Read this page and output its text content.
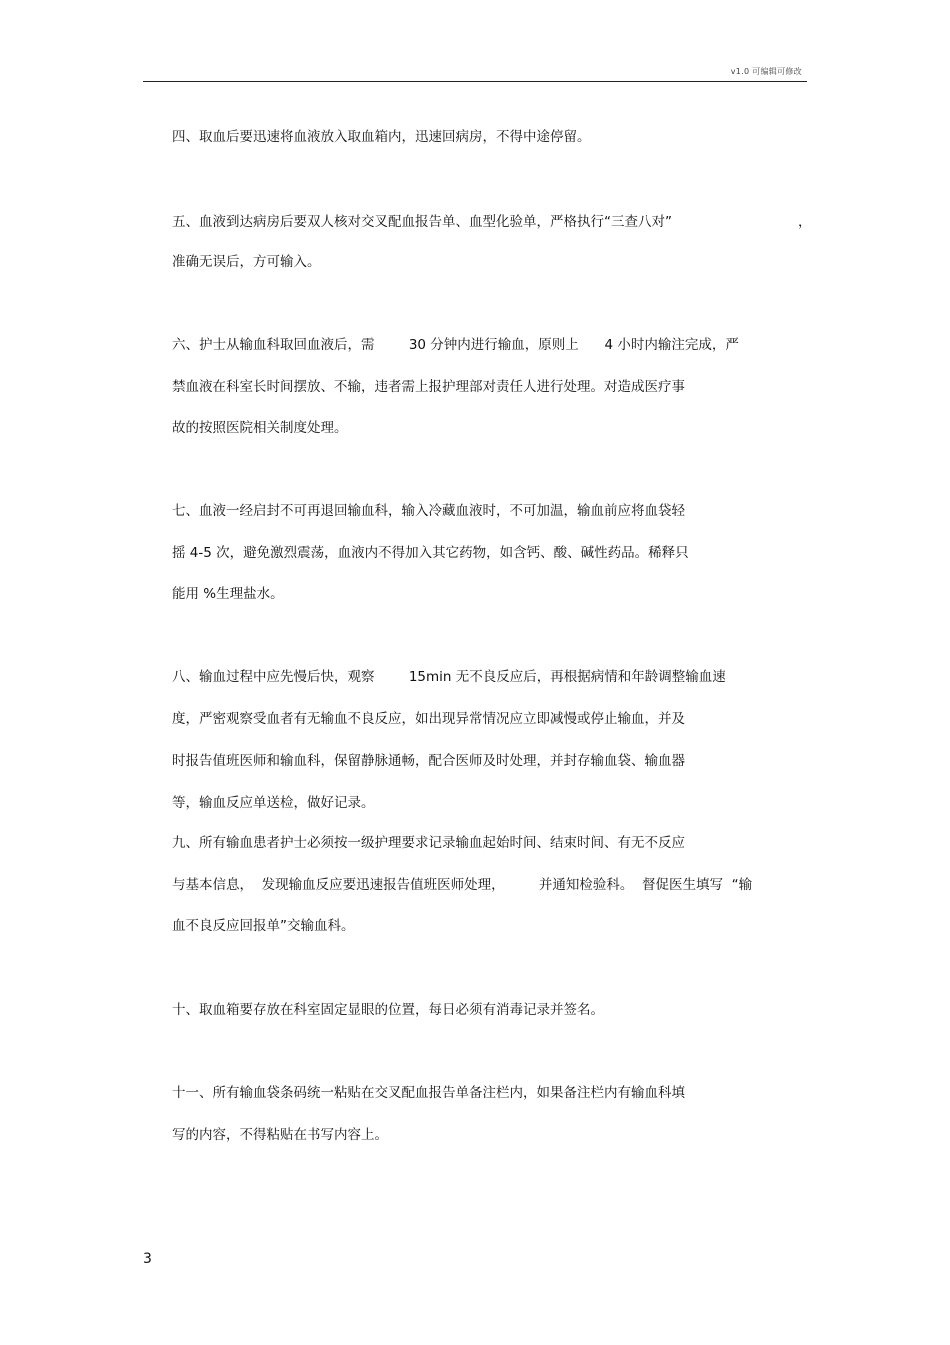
v1.0 可编辑可修改
四、取血后要迅速将血液放入取血箱内，迅速回病房，不得中途停留。
五、血液到达病房后要双人核对交叉配血报告单、血型化验单，严格执行“三查八对”	，
准确无误后，方可输入。
六、护士从输血科取回血液后，需        30 分钟内进行输血，原则上      4 小时内输注完成，严
禁血液在科室长时间摆放、不输，违者需上报护理部对责任人进行处理。对造成医疗事
故的按照医院相关制度处理。
七、血液一经启封不可再退回输血科，输入冷藏血液时，不可加温，输血前应将血袋轻
摇 4-5 次，避免激烈震荡，血液内不得加入其它药物，如含钙、酸、碱性药品。稀释只
能用 %生理盐水。
八、输血过程中应先慢后快，观察        15min 无不良反应后，再根据病情和年龄调整输血速
度，严密观察受血者有无输血不良反应，如出现异常情况应立即减慢或停止输血，并及
时报告值班医师和输血科，保留静脉通畅，配合医师及时处理，并封存输血袋、输血器
等，输血反应单送检，做好记录。
九、所有输血患者护士必须按一级护理要求记录输血起始时间、结束时间、有无不反应
与基本信息，  发现输血反应要迅速报告值班医师处理，        并通知检验科。  督促医生填写  “输
血不良反应回报单”交输血科。
十、取血箱要存放在科室固定显眼的位置，每日必须有消毒记录并签名。
十一、所有输血袋条码统一粘贴在交叉配血报告单备注栏内，如果备注栏内有输血科填
写的内容，不得粘贴在书写内容上。
3
